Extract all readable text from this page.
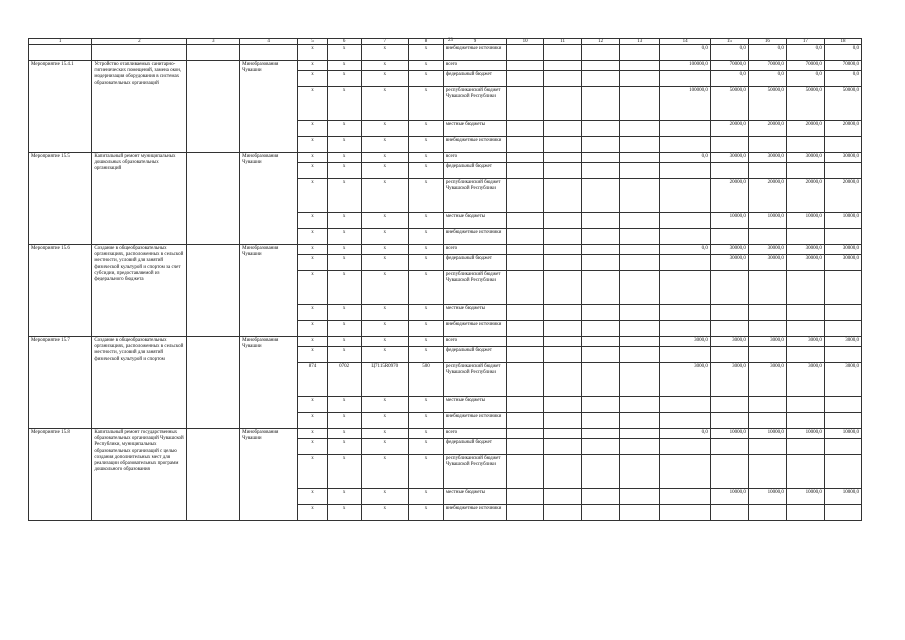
23
1	2	3	4	5	6	7	8	9	10	11	12	13	14	15	16	17	18
				x	x	x	x	внебюджетные источники					0,0	0,0	0,0	0,0	0,0
Мероприятие 15.4.1	Устройство отапливаемых санитарно-гигиенических помещений, замена окон, модернизация оборудования в системах образовательных организаций		Минобразования Чувашии	x	x	x	x	всего					100000,0	70000,0	70000,0	70000,0	70000,0
				x	x	x	x	федеральный бюджет						0,0	0,0	0,0	0,0
				x	x	x	x	республиканский бюджет Чувашской Республики					100000,0	50000,0	50000,0	50000,0	50000,0
				x	x	x	x	местные бюджеты						20000,0	20000,0	20000,0	20000,0
				x	x	x	x	внебюджетные источники									
Мероприятие 15.5	Капитальный ремонт муниципальных дошкольных образовательных организаций		Минобразования Чувашии	x	x	x	x	всего					0,0	30000,0	30000,0	30000,0	30000,0
				x	x	x	x	федеральный бюджет									
				x	x	x	x	республиканский бюджет Чувашской Республики						20000,0	20000,0	20000,0	20000,0
				x	x	x	x	местные бюджеты						10000,0	10000,0	10000,0	10000,0
				x	x	x	x	внебюджетные источники									
Мероприятие 15.6	Создание в общеобразовательных организациях, расположенных в сельской местности, условий для занятий физической культурой и спортом за счет субсидии, предоставляемой из федерального бюджета		Минобразования Чувашии	x	x	x	x	всего					0,0	30000,0	30000,0	30000,0	30000,0
				x	x	x	x	федеральный бюджет						30000,0	30000,0	30000,0	30000,0
				x	x	x	x	республиканский бюджет Чувашской Республики									
				x	x	x	x	местные бюджеты									
				x	x	x	x	внебюджетные источники									
Мероприятие 15.7	Создание в общеобразовательных организациях, расположенных в сельской местности, условий для занятий физической культурой и спортом		Минобразования Чувашии	x	x	x	x	всего					3000,0	3000,0	3000,0	3000,0	3000,0
				x	x	x	x	федеральный бюджет									
				874	0702	Ц7115R0970	500	республиканский бюджет Чувашской Республики					3000,0	3000,0	3000,0	3000,0	3000,0
				x	x	x	x	местные бюджеты									
				x	x	x	x	внебюджетные источники									
Мероприятие 15.8	Капитальный ремонт государственных образовательных организаций Чувашской Республики, муниципальных образовательных организаций с целью создания дополнительных мест для реализации образовательных программ дошкольного образования		Минобразования Чувашии	x	x	x	x	всего					0,0	10000,0	10000,0	10000,0	10000,0
				x	x	x	x	федеральный бюджет									
				x	x	x	x	республиканский бюджет Чувашской Республики									
				x	x	x	x	местные бюджеты						10000,0	10000,0	10000,0	10000,0
				x	x	x	x	внебюджетные источники									
